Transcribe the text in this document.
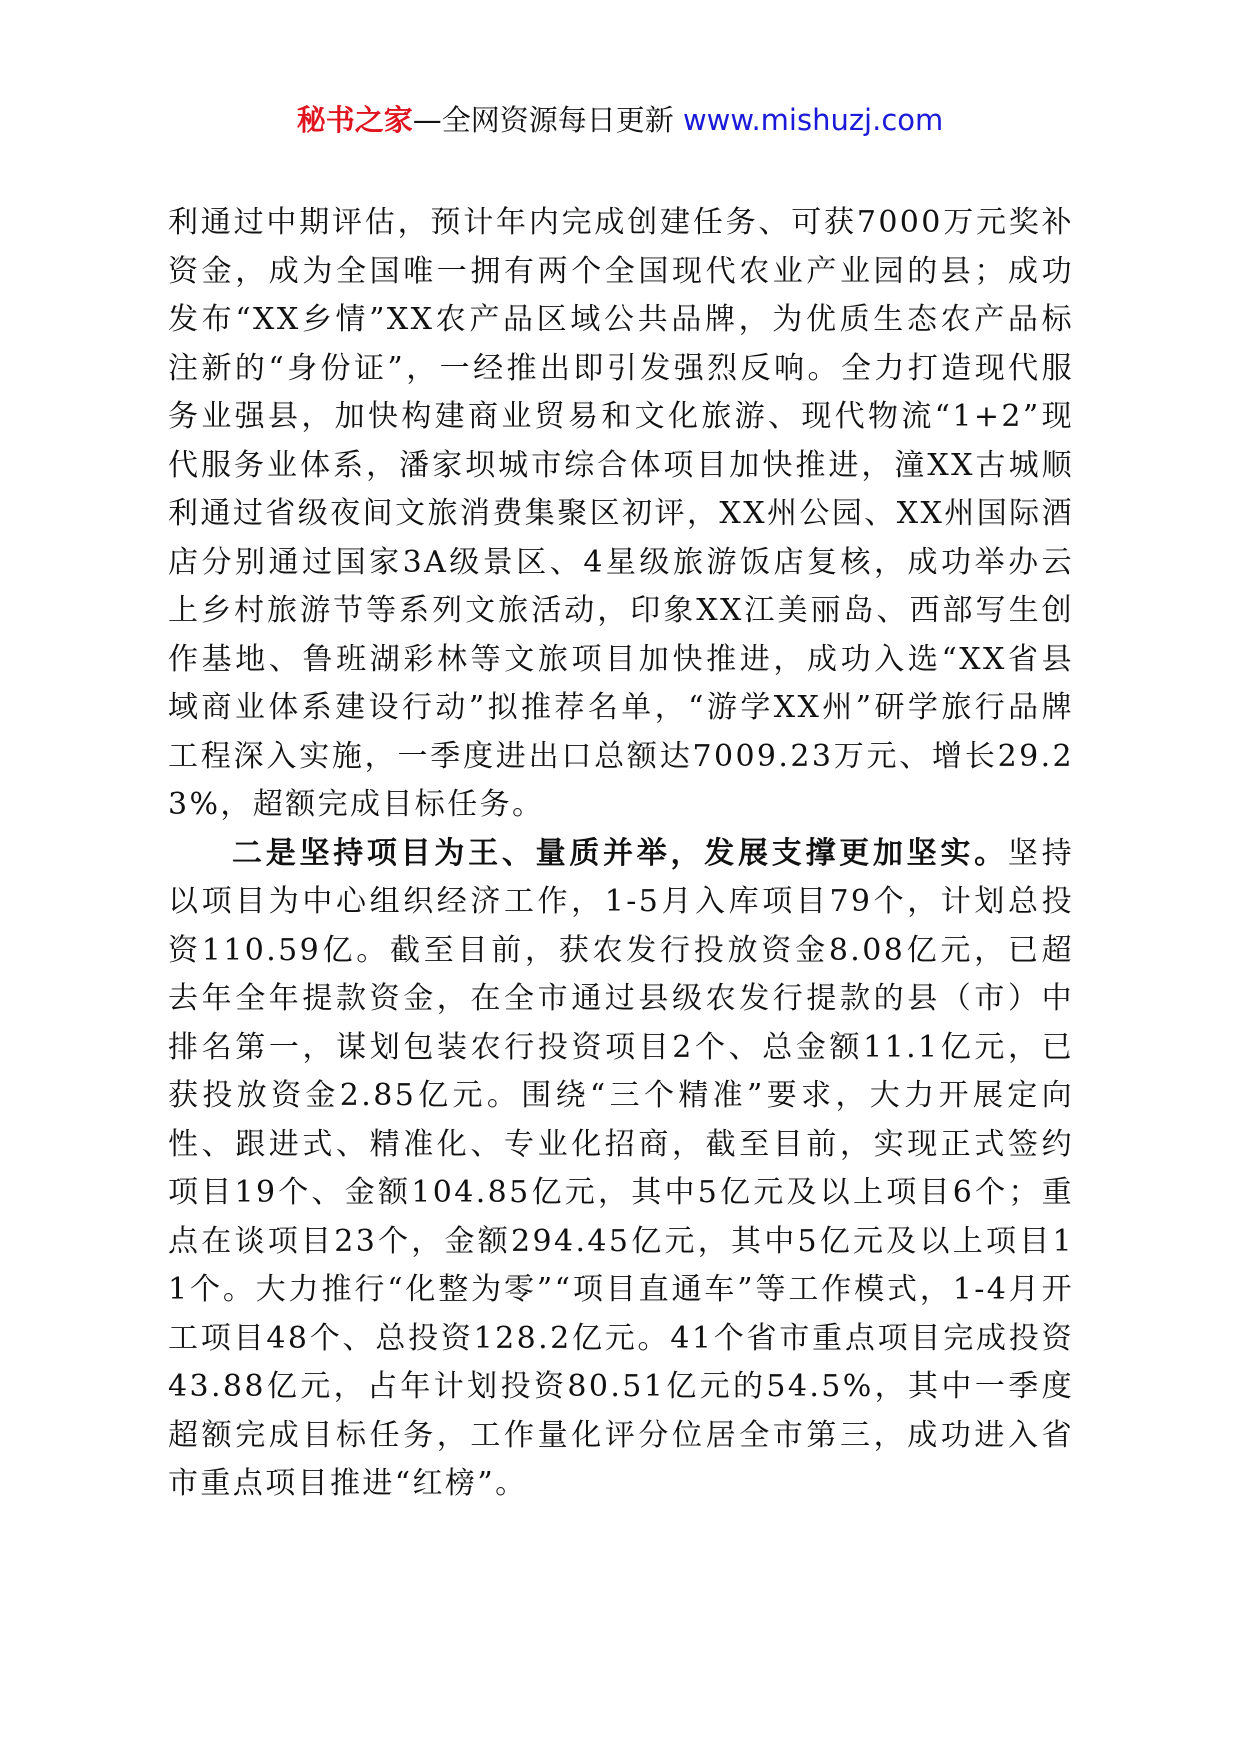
秘书之家—全网资源每日更新 www.mishuzj.com

利通过中期评估，预计年内完成创建任务、可获7000万元奖补资金，成为全国唯一拥有两个全国现代农业产业园的县；成功发布“XX乡情”XX农产品区域公共品牌，为优质生态农产品标注新的“身份证”，一经推出即引发强烈反响。全力打造现代服务业强县，加快构建商业贸易和文化旅游、现代物流“1+2”现代服务业体系，潘家坝城市综合体项目加快推进，潼XX古城顺利通过省级夜间文旅消费集聚区初评，XX州公园、XX州国际酒店分别通过国家3A级景区、4星级旅游饭店复核，成功举办云上乡村旅游节等系列文旅活动，印象XX江美丽岛、西部写生创作基地、鲁班湖彩林等文旅项目加快推进，成功入选“XX省县域商业体系建设行动”拟推荐名单，“游学XX州”研学旅行品牌工程深入实施，一季度进出口总额达7009.23万元、增长29.23%，超额完成目标任务。

二是坚持项目为王、量质并举，发展支撑更加坚实。坚持以项目为中心组织经济工作，1-5月入库项目79个，计划总投资110.59亿。截至目前，获农发行投放资金8.08亿元，已超去年全年提款资金，在全市通过县级农发行提款的县（市）中排名第一，谋划包装农行投资项目2个、总金额11.1亿元，已获投放资金2.85亿元。围绕“三个精准”要求，大力开展定向性、跟进式、精准化、专业化招商，截至目前，实现正式签约项目19个、金额104.85亿元，其中5亿元及以上项目6个；重点在谈项目23个，金额294.45亿元，其中5亿元及以上项目11个。大力推行“化整为零”“项目直通车”等工作模式，1-4月开工项目48个、总投资128.2亿元。41个省市重点项目完成投资43.88亿元，占年计划投资80.51亿元的54.5%，其中一季度超额完成目标任务，工作量化评分位居全市第三，成功进入省市重点项目推进“红榜”。
